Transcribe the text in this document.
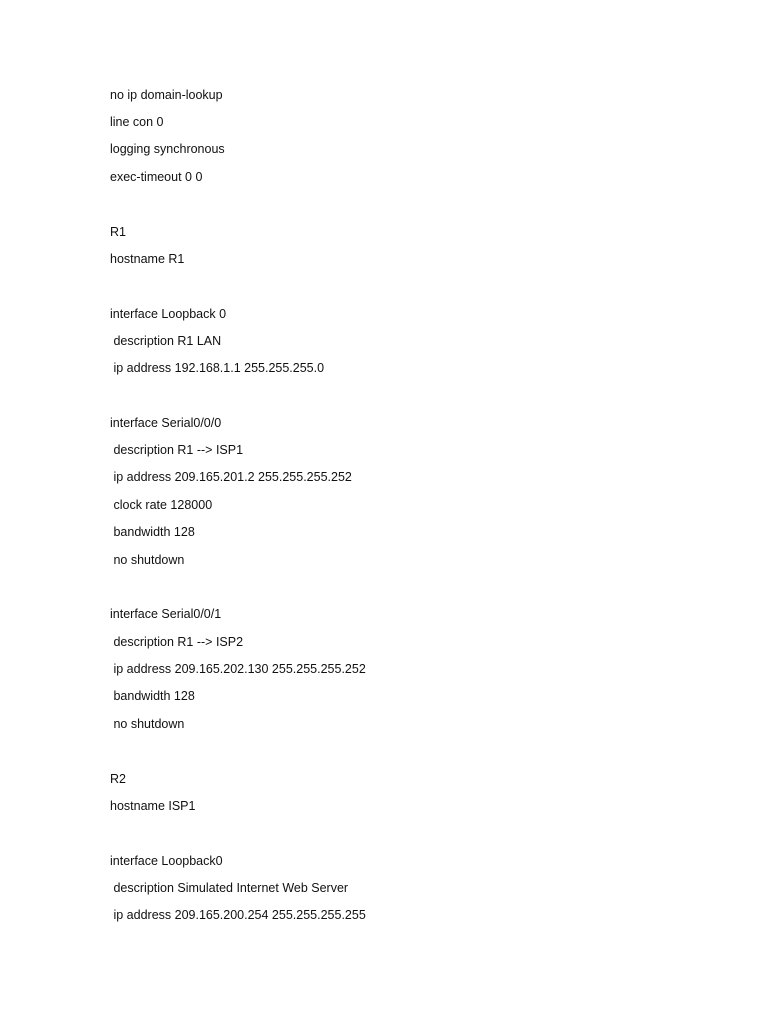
no ip domain-lookup

line con 0

logging synchronous

exec-timeout 0 0

R1

hostname R1

interface Loopback 0

description R1 LAN

ip address 192.168.1.1 255.255.255.0

interface Serial0/0/0

description R1 --> ISP1

ip address 209.165.201.2 255.255.255.252

clock rate 128000

bandwidth 128

no shutdown

interface Serial0/0/1

description R1 --> ISP2

ip address 209.165.202.130 255.255.255.252

bandwidth 128

no shutdown

R2

hostname ISP1

interface Loopback0

description Simulated Internet Web Server

ip address 209.165.200.254 255.255.255.255
